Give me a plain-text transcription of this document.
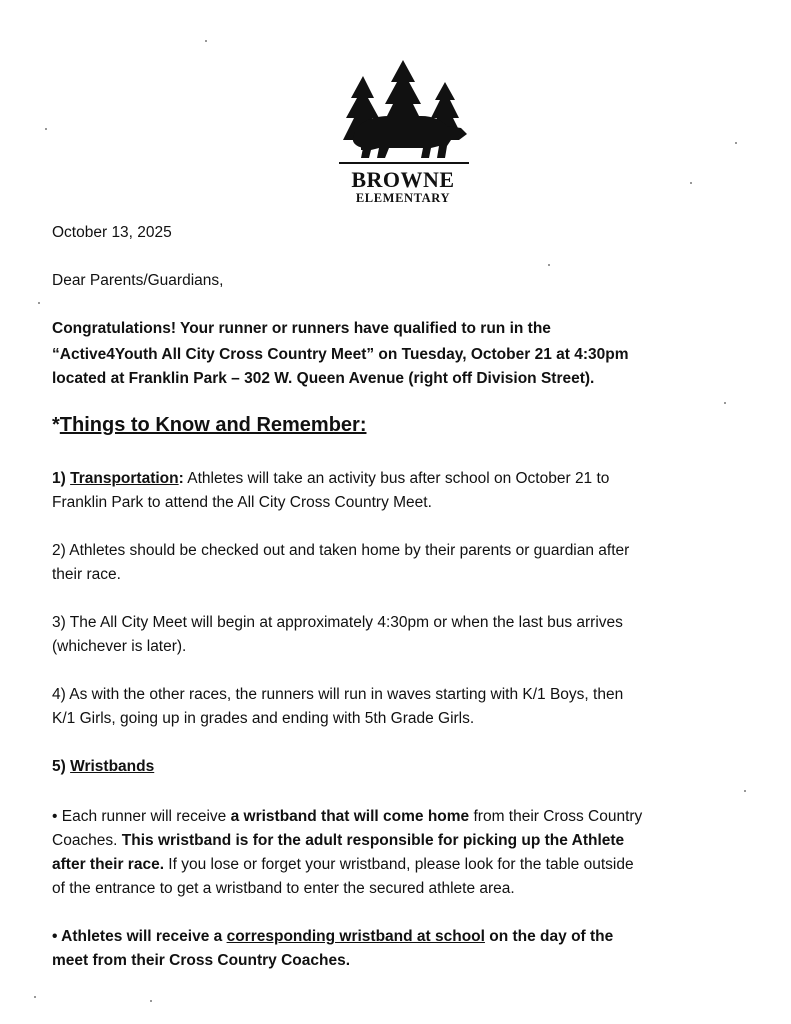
BROWNE
ELEMENTARY
October 13, 2025
Dear Parents/Guardians,
Congratulations! Your runner or runners have qualified to run in the
“Active4Youth All City Cross Country Meet” on Tuesday, October 21 at 4:30pm
located at Franklin Park – 302 W. Queen Avenue (right off Division Street).
*Things to Know and Remember:
1) Transportation: Athletes will take an activity bus after school on October 21 to
Franklin Park to attend the All City Cross Country Meet.
2) Athletes should be checked out and taken home by their parents or guardian after
their race.
3) The All City Meet will begin at approximately 4:30pm or when the last bus arrives
(whichever is later).
4) As with the other races, the runners will run in waves starting with K/1 Boys, then
K/1 Girls, going up in grades and ending with 5th Grade Girls.
5) Wristbands
• Each runner will receive a wristband that will come home from their Cross Country
Coaches. This wristband is for the adult responsible for picking up the Athlete
after their race. If you lose or forget your wristband, please look for the table outside
of the entrance to get a wristband to enter the secured athlete area.
• Athletes will receive a corresponding wristband at school on the day of the
meet from their Cross Country Coaches.
